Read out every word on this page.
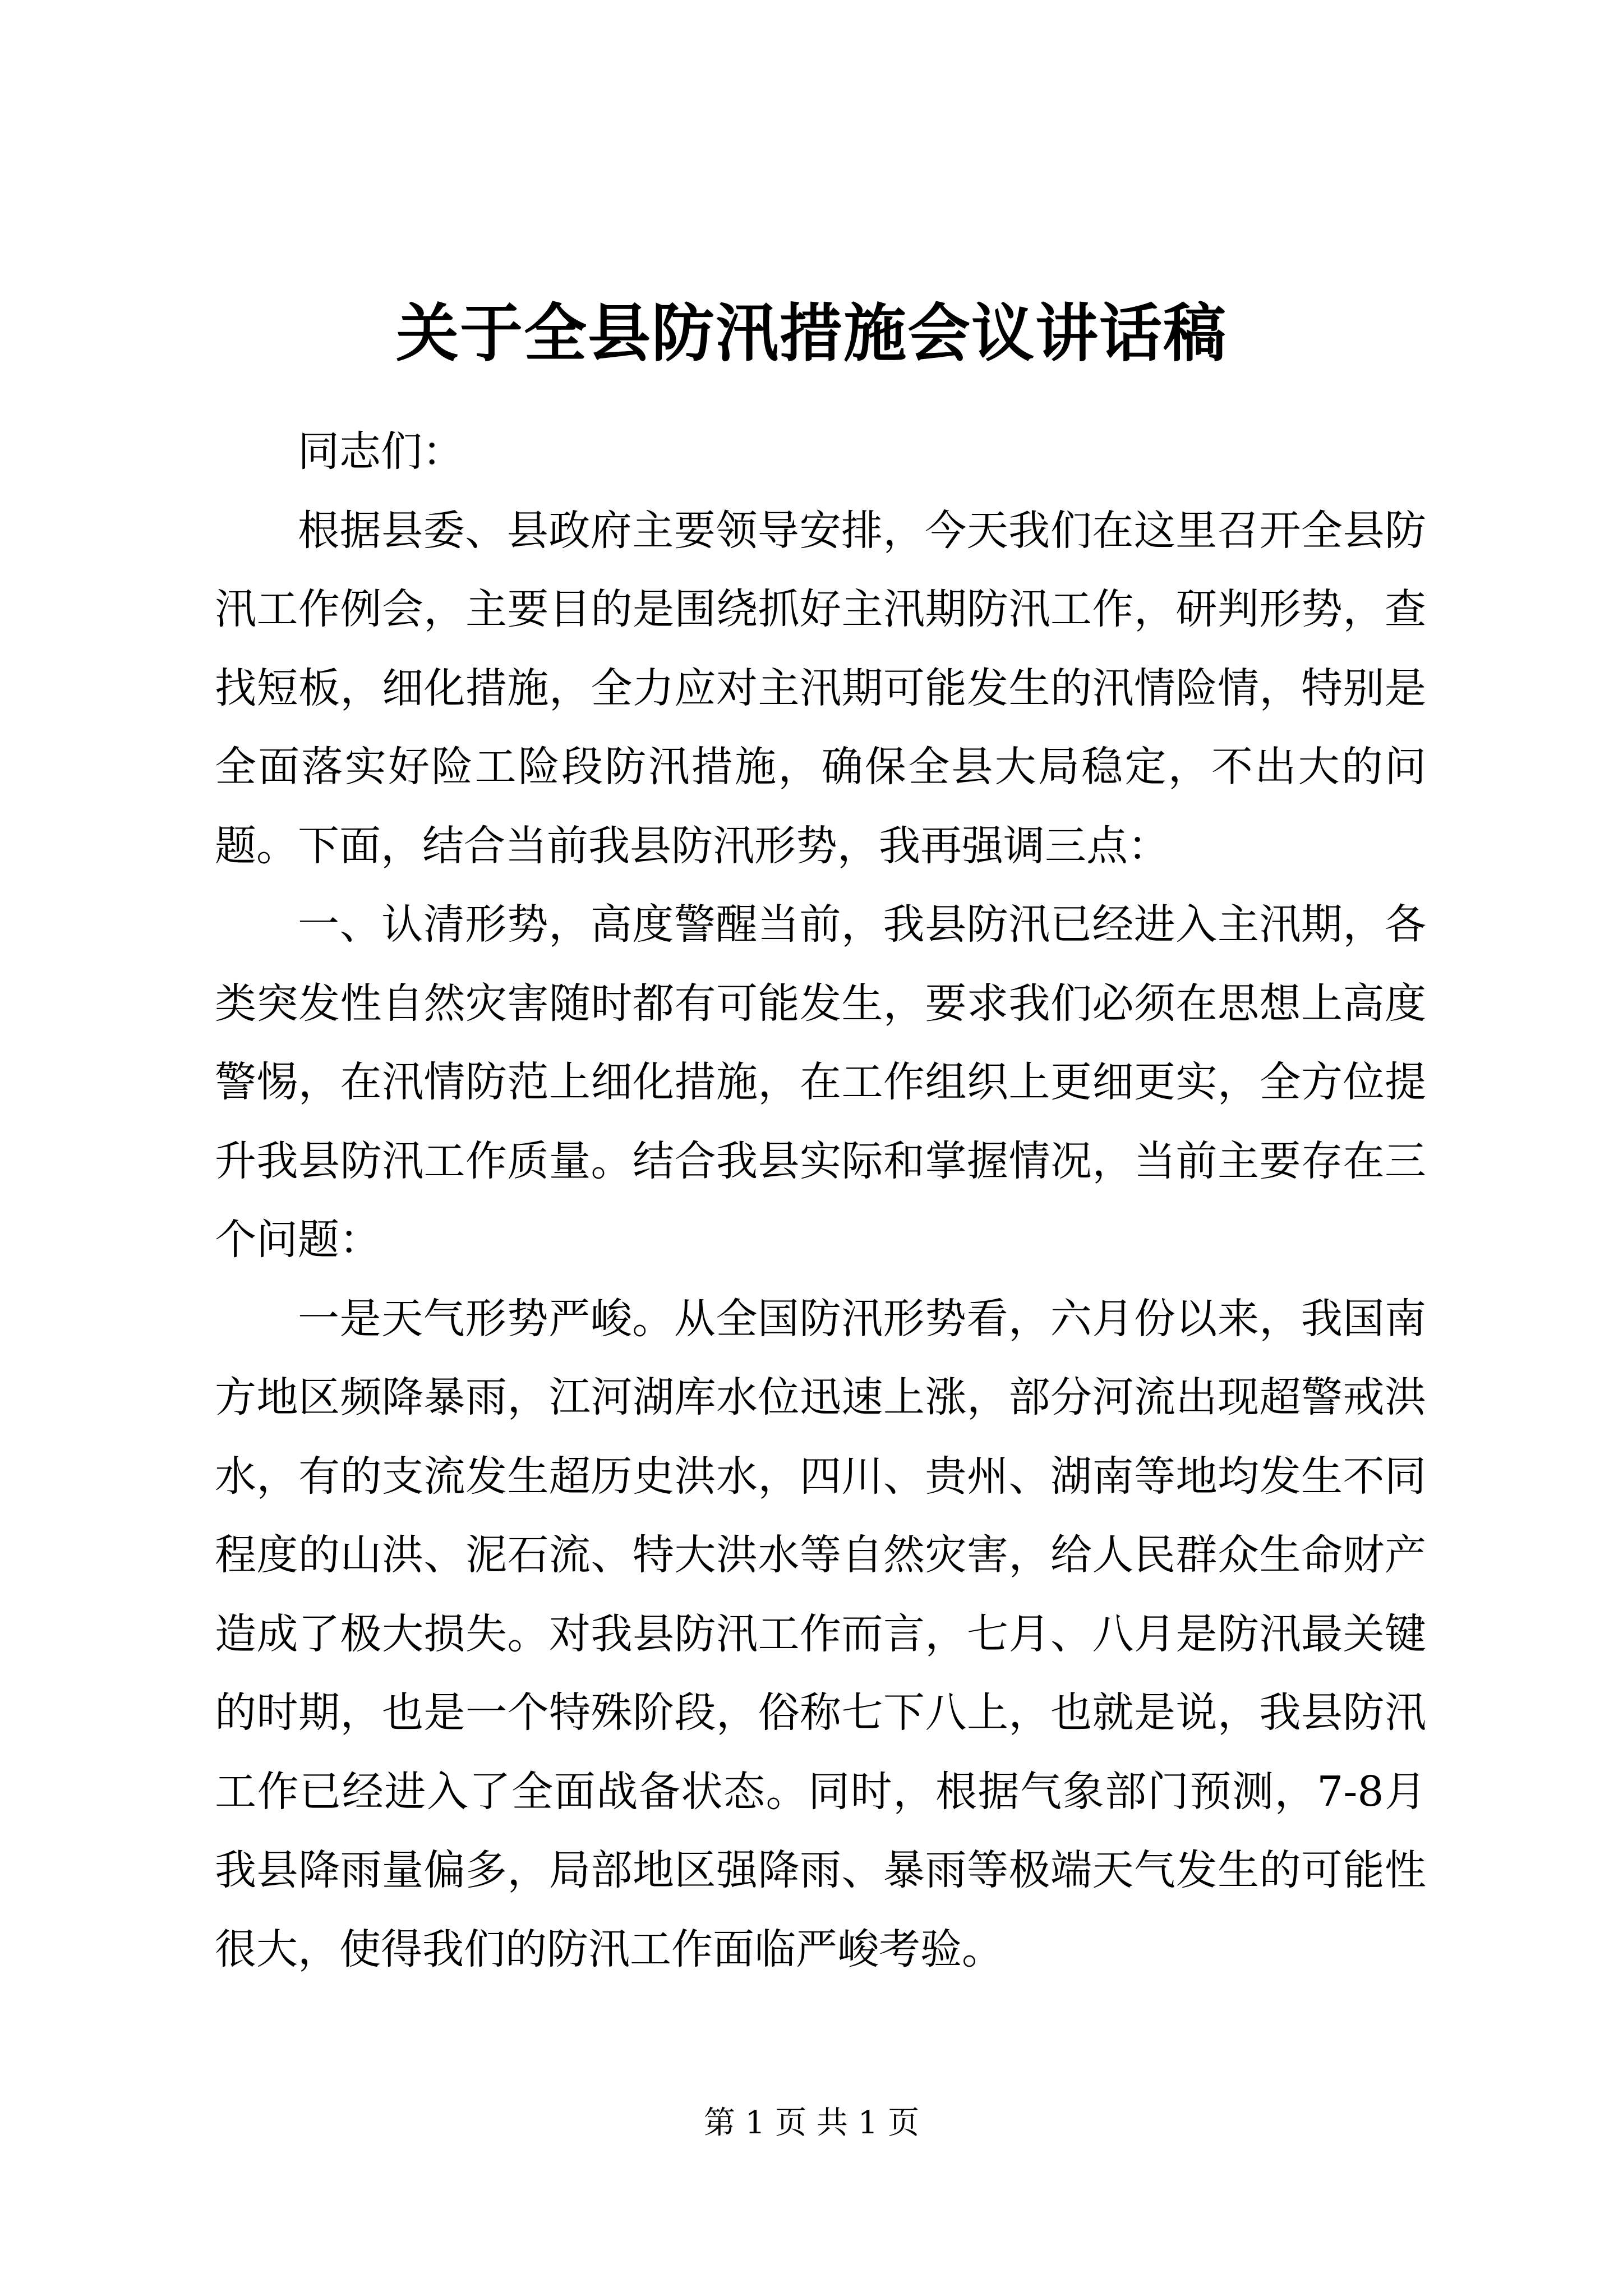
关于全县防汛措施会议讲话稿

同志们：

根据县委、县政府主要领导安排，今天我们在这里召开全县防汛工作例会，主要目的是围绕抓好主汛期防汛工作，研判形势，查找短板，细化措施，全力应对主汛期可能发生的汛情险情，特别是全面落实好险工险段防汛措施，确保全县大局稳定，不出大的问题。下面，结合当前我县防汛形势，我再强调三点：

一、认清形势，高度警醒当前，我县防汛已经进入主汛期，各类突发性自然灾害随时都有可能发生，要求我们必须在思想上高度警惕，在汛情防范上细化措施，在工作组织上更细更实，全方位提升我县防汛工作质量。结合我县实际和掌握情况，当前主要存在三个问题：

一是天气形势严峻。从全国防汛形势看，六月份以来，我国南方地区频降暴雨，江河湖库水位迅速上涨，部分河流出现超警戒洪水，有的支流发生超历史洪水，四川、贵州、湖南等地均发生不同程度的山洪、泥石流、特大洪水等自然灾害，给人民群众生命财产造成了极大损失。对我县防汛工作而言，七月、八月是防汛最关键的时期，也是一个特殊阶段，俗称七下八上，也就是说，我县防汛工作已经进入了全面战备状态。同时，根据气象部门预测，7-8月我县降雨量偏多，局部地区强降雨、暴雨等极端天气发生的可能性很大，使得我们的防汛工作面临严峻考验。

第 1 页 共 1 页
